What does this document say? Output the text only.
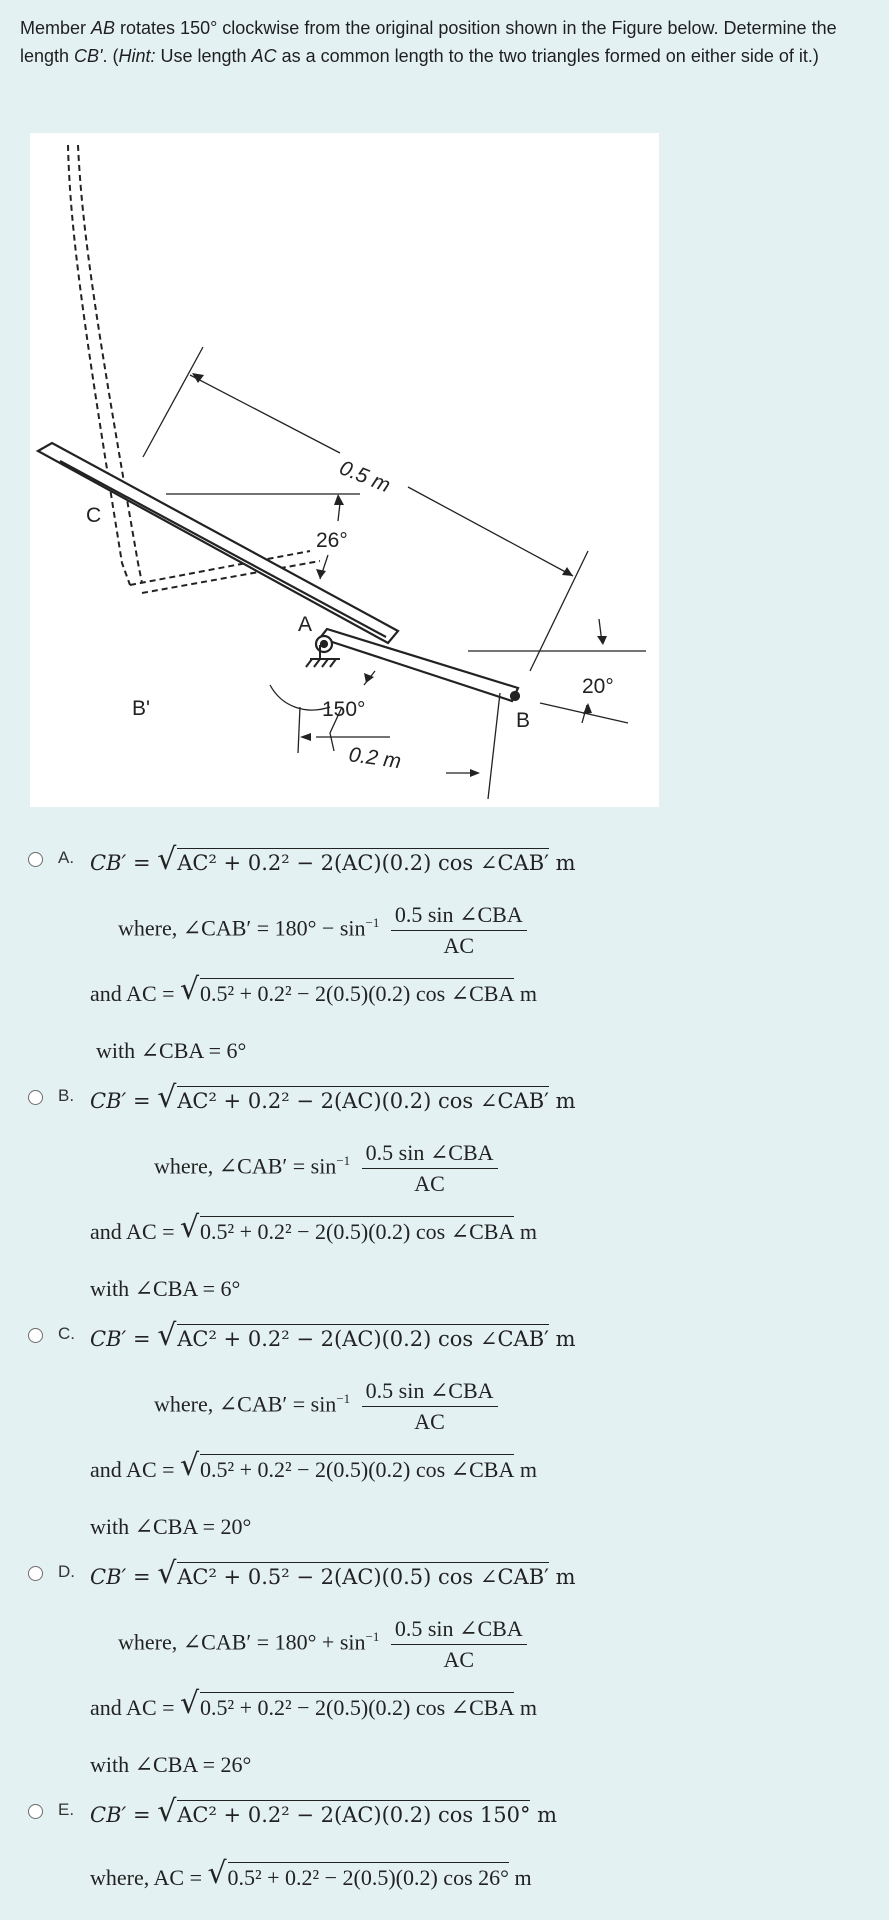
Member AB rotates 150° clockwise from the original position shown in the Figure below. Determine the length CB'. (Hint: Use length AC as a common length to the two triangles formed on either side of it.)
C
A
B
B'
0.5 m
0.2 m
26°
150°
20°
A. CB′ = √ AC² + 0.2² − 2(AC)(0.2) cos ∠CAB′ m
where, ∠CAB′ = $180^\circ - \sin^{-1} \frac{\text{0.5 sin ∠CBA}}{AC}$
and AC = √ 0.5² + 0.2² − 2(0.5)(0.2) cos ∠CBA m
with ∠CBA = 6°
B. CB′ = √ AC² + 0.2² − 2(AC)(0.2) cos ∠CAB′ m
where, ∠CAB′ = $\sin^{-1} \frac{\text{0.5 sin ∠CBA}}{AC}$
and AC = √ 0.5² + 0.2² − 2(0.5)(0.2) cos ∠CBA m
with ∠CBA = 6°
C. CB′ = √ AC² + 0.2² − 2(AC)(0.2) cos ∠CAB′ m
where, ∠CAB′ = $\sin^{-1} \frac{\text{0.5 sin ∠CBA}}{AC}$
and AC = √ 0.5² + 0.2² − 2(0.5)(0.2) cos ∠CBA m
with ∠CBA = 20°
D. CB′ = √ AC² + 0.5² − 2(AC)(0.5) cos ∠CAB′ m
where, ∠CAB′ = $180^\circ + \sin^{-1} \frac{\text{0.5 sin ∠CBA}}{AC}$
and AC = √ 0.5² + 0.2² − 2(0.5)(0.2) cos ∠CBA m
with ∠CBA = 26°
E. CB′ = √ AC² + 0.2² − 2(AC)(0.2) cos 150° m
where, AC = √ 0.5² + 0.2² − 2(0.5)(0.2) cos 26° m
